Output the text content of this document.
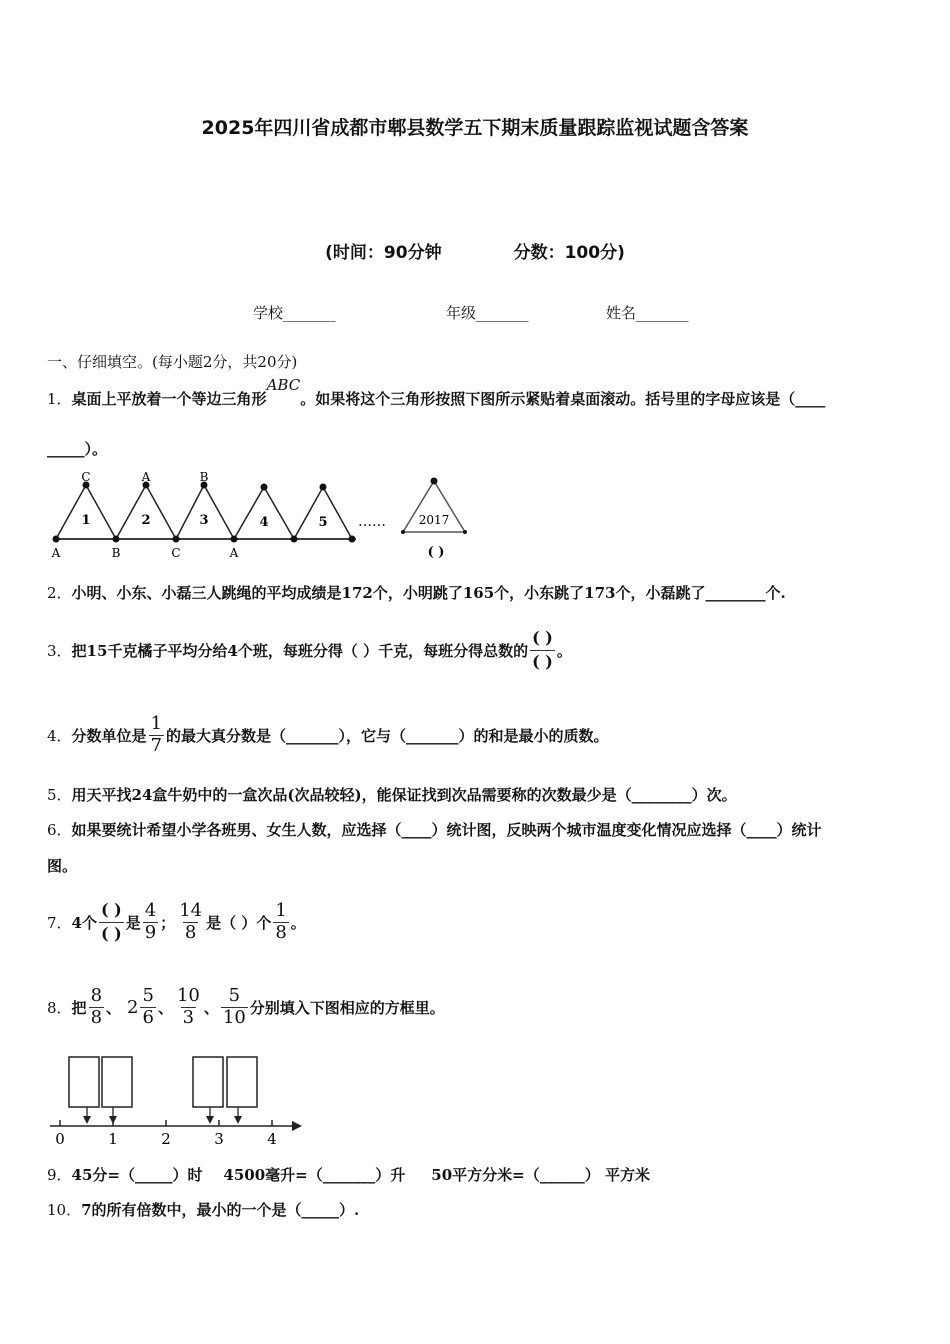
2025年四川省成都市郫县数学五下期末质量跟踪监视试题含答案
(时间：90分钟	分数：100分)
学校_______	年级_______	姓名_______
一、仔细填空。(每小题2分，共20分)
1．桌面上平放着一个等边三角形ABC。如果将这个三角形按照下图所示紧贴着桌面滚动。括号里的字母应该是（____
_____）。
1	2	3	4	5
C	A	B
A	B	C	A
……	2017
( )
2．小明、小东、小磊三人跳绳的平均成绩是172个，小明跳了165个，小东跳了173个，小磊跳了________个.
3． 把15千克橘子平均分给4个班，每班分得（ ）千克，每班分得总数的 $\frac{( )}{( )}$ 。
4． 分数单位是 $\frac{1}{7}$ 的最大真分数是（_______），它与（_______）的和是最小的质数。
5．用天平找24盒牛奶中的一盒次品(次品较轻)，能保证找到次品需要称的次数最少是（________）次。
6．如果要统计希望小学各班男、女生人数，应选择（____）统计图，反映两个城市温度变化情况应选择（____）统计
图。
7． 4个 $\frac{( )}{( )}$ 是 $\frac{4}{9}$ ； $\frac{14}{8}$ 是（ ）个 $\frac{1}{8}$ 。
8． 把 $\frac{8}{8}$ 、 $2 \frac{5}{6}$ 、 $\frac{10}{3}$ 、 $\frac{5}{10}$ 分别填入下图相应的方框里。
0	1	2	3	4
9．45分=（_____）时    4500毫升=（_______）升     50平方分米=（______） 平方米
10．7的所有倍数中，最小的一个是（_____）.
